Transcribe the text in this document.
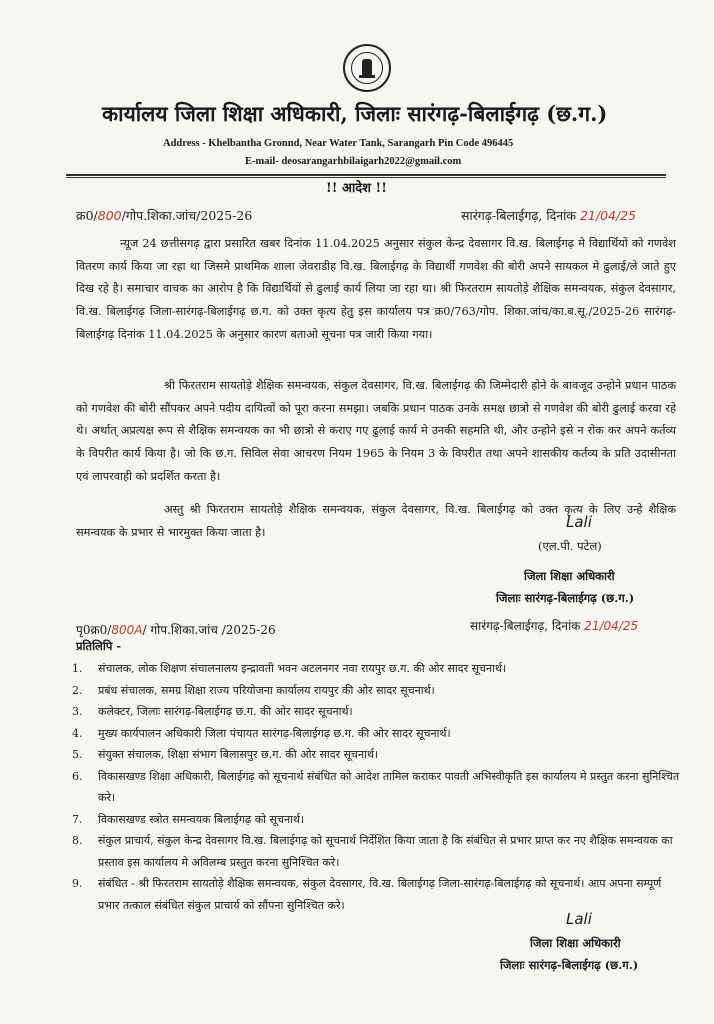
कार्यालय जिला शिक्षा अधिकारी, जिलाः सारंगढ़-बिलाईगढ़ (छ.ग.)
Address - Khelbantha Gronnd, Near Water Tank, Sarangarh Pin Code 496445
E-mail- deosarangarhbilaigarh2022@gmail.com
!! आदेश !!
क्र0/800/गोप.शिका.जांच/2025-26	सारंगढ़-बिलाईगढ़, दिनांक 21/04/25
न्यूज 24 छत्तीसगढ़ द्वारा प्रसारित खबर दिनांक 11.04.2025 अनुसार संकुल केन्द्र देवसागर वि.ख. बिलाईगढ़ मे विद्यार्थियों को गणवेश वितरण कार्य किया जा रहा था जिसमे प्राथमिक शाला जेवराडीह वि.ख. बिलाईगढ़ के विद्यार्थी गणवेश की बोरी अपने सायकल मे ढुलाई/ले जाते हुए दिख रहे है। समाचार वाचक का आरोप है कि विद्यार्थियों से ढुलाई कार्य लिया जा रहा था। श्री फिरतराम सायतोड़े शैक्षिक समन्वयक, संकुल देवसागर, वि.ख. बिलाईगढ़ जिला-सारंगढ़-बिलाईगढ़ छ.ग. को उक्त कृत्य हेतु इस कार्यालय पत्र क्र0/763/गोप. शिका.जांच/का.ब.सू./2025-26 सारंगढ़-बिलाईगढ़ दिनांक 11.04.2025 के अनुसार कारण बताओ सूचना पत्र जारी किया गया।
श्री फिरतराम सायतोड़े शैक्षिक समन्वयक, संकुल देवसागर, वि.ख. बिलाईगढ़ की जिम्मेदारी होने के बावजूद उन्होने प्रधान पाठक को गणवेश की बोरी सौंपकर अपने पदीय दायित्वों को पूरा करना समझा। जबकि प्रधान पाठक उनके समक्ष छात्रो से गणवेश की बोरी ढुलाई करवा रहे थे। अर्थात् अप्रत्यक्ष रूप से शैक्षिक समन्वयक का भी छात्रो से कराए गए ढुलाई कार्य मे उनकी सहमति थी, और उन्होने इसे न रोक कर अपने कर्तव्य के विपरीत कार्य किया है। जो कि छ.ग. सिविल सेवा आचरण नियम 1965 के नियम 3 के विपरीत तथा अपने शासकीय कर्तव्य के प्रति उदासीनता एवं लापरवाही को प्रदर्शित करता है।
अस्तु श्री फिरतराम सायतोड़े शैक्षिक समन्वयक, संकुल देवसागर, वि.ख. बिलाईगढ़ को उक्त कृत्य के लिए उन्हे शैक्षिक समन्वयक के प्रभार से भारमुक्त किया जाता है।
Lali
(एल.पी. पटेल)
जिला शिक्षा अधिकारी
जिलाः सारंगढ़-बिलाईगढ़ (छ.ग.)
पृ0क्र0/800A/ गोप.शिका.जांच /2025-26	सारंगढ़-बिलाईगढ़, दिनांक 21/04/25
प्रतिलिपि -
1. संचालक, लोक शिक्षण संचालनालय इन्द्रावती भवन अटलनगर नवा रायपुर छ.ग. की ओर सादर सूचनार्थ।
2. प्रबंध संचालक, समग्र शिक्षा राज्य परियोजना कार्यालय रायपुर की ओर सादर सूचनार्थ।
3. कलेक्टर, जिलाः सारंगढ़-बिलाईगढ़ छ.ग. की ओर सादर सूचनार्थ।
4. मुख्य कार्यपालन अधिकारी जिला पंचायत सारंगढ़-बिलाईगढ़ छ.ग. की ओर सादर सूचनार्थ।
5. संयुक्त संचालक, शिक्षा संभाग बिलासपुर छ.ग. की ओर सादर सूचनार्थ।
6. विकासखण्ड शिक्षा अधिकारी, बिलाईगढ़ को सूचनार्थ संबंधित को आदेश तामिल कराकर पावती अभिस्वीकृति इस कार्यालय मे प्रस्तुत करना सुनिश्चित करे।
7. विकासखण्ड स्त्रोत समन्वयक बिलाईगढ़ को सूचनार्थ।
8. संकुल प्राचार्य, संकुल केन्द्र देवसागर वि.ख. बिलाईगढ़ को सूचनार्थ निर्देशित किया जाता है कि संबंधित से प्रभार प्राप्त कर नए शैक्षिक समन्वयक का प्रस्ताव इस कार्यालय मे अविलम्ब प्रस्तुत करना सुनिश्चित करे।
9. संबंधित - श्री फिरतराम सायतोड़े शैक्षिक समन्वयक, संकुल देवसागर, वि.ख. बिलाईगढ़ जिला-सारंगढ़-बिलाईगढ़ को सूचनार्थ। आप अपना सम्पूर्ण प्रभार तत्काल संबंधित संकुल प्राचार्य को सौंपना सुनिश्चित करे।
Lali
जिला शिक्षा अधिकारी
जिलाः सारंगढ़-बिलाईगढ़ (छ.ग.)
